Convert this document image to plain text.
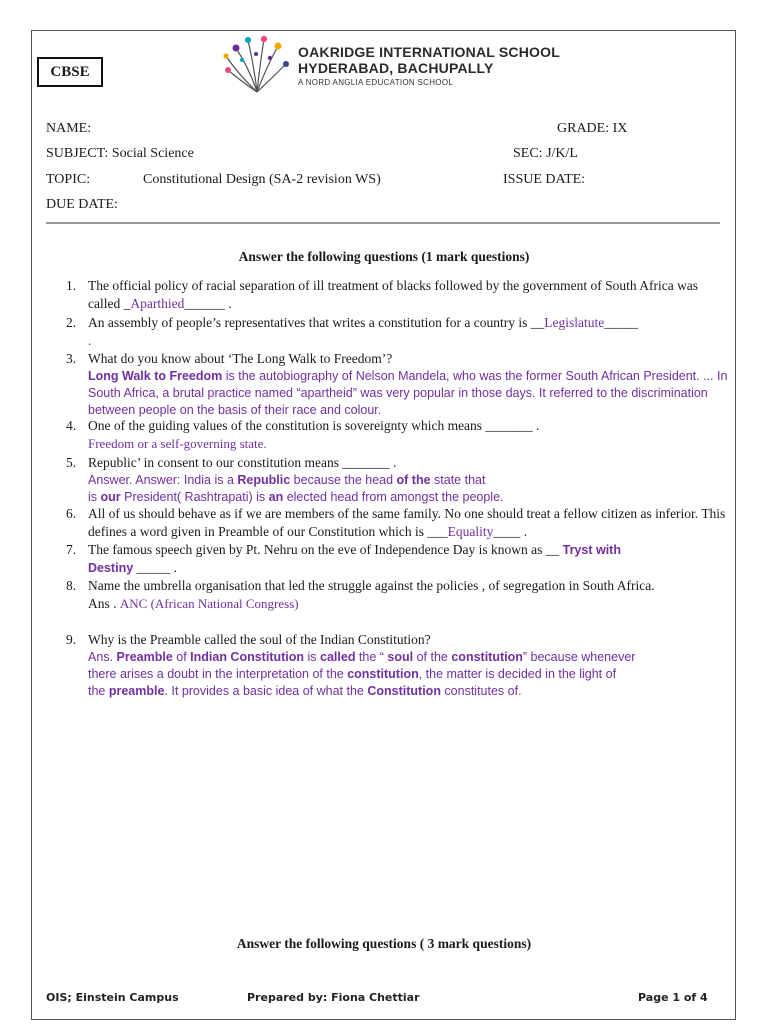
CBSE
OAKRIDGE INTERNATIONAL SCHOOL
HYDERABAD, BACHUPALLY
A NORD ANGLIA EDUCATION SCHOOL
NAME:	GRADE: IX
SUBJECT: Social Science	SEC: J/K/L
TOPIC:	Constitutional Design (SA-2 revision WS)	ISSUE DATE:
DUE DATE:
Answer the following questions (1 mark questions)
1. The official policy of racial separation of ill treatment of blacks followed by the government of South Africa was called _Aparthied______ .
2. An assembly of people’s representatives that writes a constitution for a country is __Legislatute_____
.
3. What do you know about ‘The Long Walk to Freedom’?
Long Walk to Freedom is the autobiography of Nelson Mandela, who was the former South African President. ... In South Africa, a brutal practice named “apartheid” was very popular in those days. It referred to the discrimination between people on the basis of their race and colour.
4. One of the guiding values of the constitution is sovereignty which means _______ .
Freedom or a self-governing state.
5. Republic’ in consent to our constitution means _______ .
Answer. Answer: India is a Republic because the head of the state that
is our President( Rashtrapati) is an elected head from amongst the people.
6. All of us should behave as if we are members of the same family. No one should treat a fellow citizen as inferior. This defines a word given in Preamble of our Constitution which is ___Equality____ .
7. The famous speech given by Pt. Nehru on the eve of Independence Day is known as __ Tryst with
Destiny _____ .
8. Name the umbrella organisation that led the struggle against the policies , of segregation in South Africa.
Ans . ANC (African National Congress)
9. Why is the Preamble called the soul of the Indian Constitution?
Ans. Preamble of Indian Constitution is called the “ soul of the constitution” because whenever
there arises a doubt in the interpretation of the constitution, the matter is decided in the light of
the preamble. It provides a basic idea of what the Constitution constitutes of.
Answer the following questions ( 3 mark questions)
OIS; Einstein Campus	Prepared by: Fiona Chettiar	Page 1 of 4
